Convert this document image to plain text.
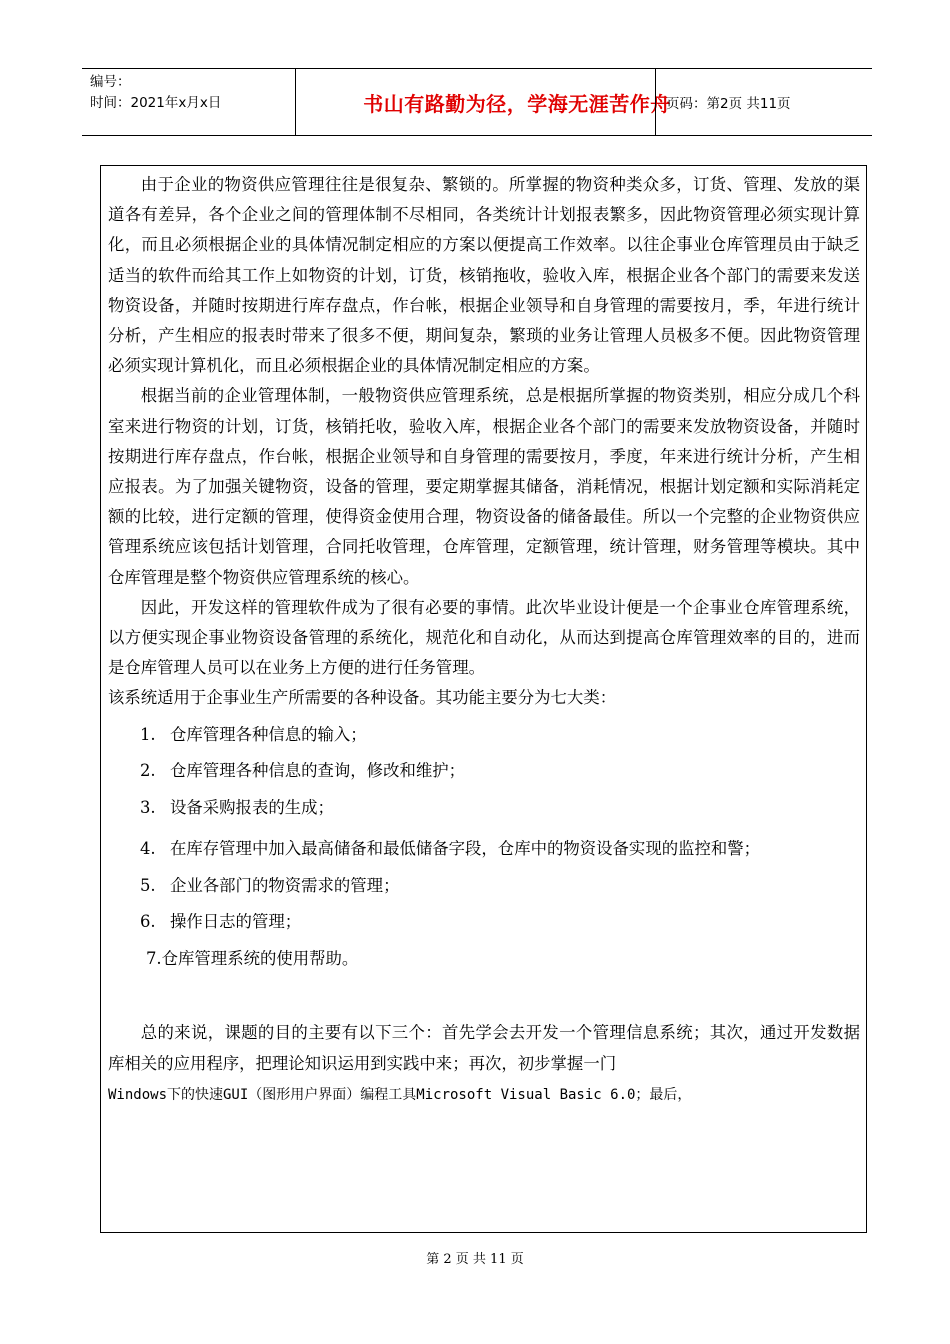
编号：
时间：2021年x月x日	书山有路勤为径，学海无涯苦作舟
页码：第2页 共11页

由于企业的物资供应管理往往是很复杂、繁锁的。所掌握的物资种类众多，订货、管理、发放的渠道各有差异，各个企业之间的管理体制不尽相同，各类统计计划报表繁多，因此物资管理必须实现计算化，而且必须根据企业的具体情况制定相应的方案以便提高工作效率。以往企事业仓库管理员由于缺乏适当的软件而给其工作上如物资的计划，订货，核销拖收，验收入库，根据企业各个部门的需要来发送物资设备，并随时按期进行库存盘点，作台帐，根据企业领导和自身管理的需要按月，季，年进行统计分析，产生相应的报表时带来了很多不便，期间复杂，繁琐的业务让管理人员极多不便。因此物资管理必须实现计算机化，而且必须根据企业的具体情况制定相应的方案。

根据当前的企业管理体制，一般物资供应管理系统，总是根据所掌握的物资类别，相应分成几个科室来进行物资的计划，订货，核销托收，验收入库，根据企业各个部门的需要来发放物资设备，并随时按期进行库存盘点，作台帐，根据企业领导和自身管理的需要按月，季度，年来进行统计分析，产生相应报表。为了加强关键物资，设备的管理，要定期掌握其储备，消耗情况，根据计划定额和实际消耗定额的比较，进行定额的管理，使得资金使用合理，物资设备的储备最佳。所以一个完整的企业物资供应管理系统应该包括计划管理，合同托收管理，仓库管理，定额管理，统计管理，财务管理等模块。其中仓库管理是整个物资供应管理系统的核心。

因此，开发这样的管理软件成为了很有必要的事情。此次毕业设计便是一个企事业仓库管理系统，以方便实现企事业物资设备管理的系统化，规范化和自动化，从而达到提高仓库管理效率的目的，进而是仓库管理人员可以在业务上方便的进行任务管理。

该系统适用于企事业生产所需要的各种设备。其功能主要分为七大类：

1. 仓库管理各种信息的输入；
2. 仓库管理各种信息的查询，修改和维护；
3. 设备采购报表的生成；
4. 在库存管理中加入最高储备和最低储备字段，仓库中的物资设备实现的监控和警；
5. 企业各部门的物资需求的管理；
6. 操作日志的管理；

7.仓库管理系统的使用帮助。

总的来说，课题的目的主要有以下三个：首先学会去开发一个管理信息系统；其次，通过开发数据库相关的应用程序，把理论知识运用到实践中来；再次，初步掌握一门
Windows下的快速GUI（图形用户界面）编程工具Microsoft Visual Basic 6.0；最后，

第 2 页 共 11 页
